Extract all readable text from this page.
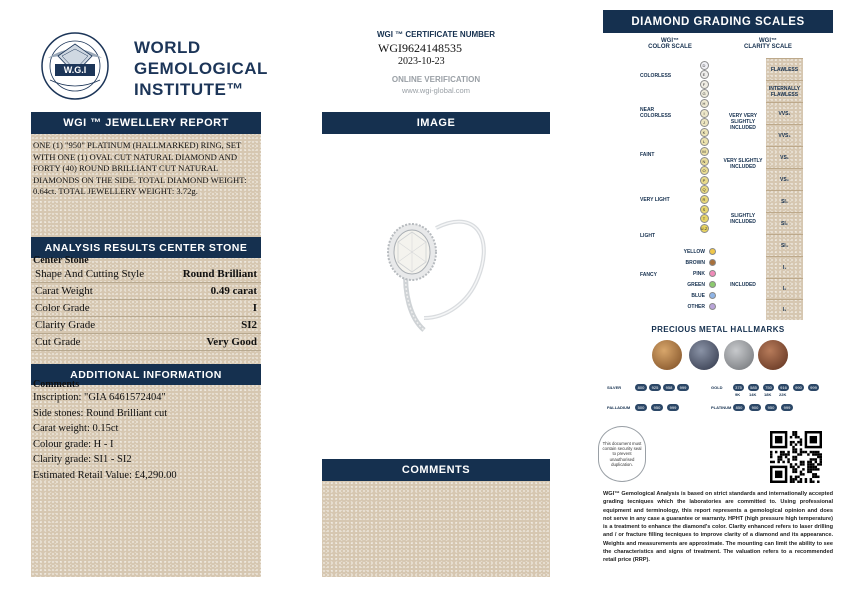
W.G.I
WORLD
GEMOLOGICAL
INSTITUTE™
WGI ™ JEWELLERY REPORT
ONE (1) "950" PLATINUM (HALLMARKED) RING, SET WITH ONE (1) OVAL CUT NATURAL DIAMOND AND FORTY (40) ROUND BRILLIANT CUT NATURAL DIAMONDS ON THE SIDE. TOTAL DIAMOND WEIGHT: 0.64ct. TOTAL JEWELLERY WEIGHT: 3.72g.
ANALYSIS RESULTS CENTER STONE
Center Stone
Shape And Cutting Style	Round Brilliant
Carat Weight	0.49 carat
Color Grade	I
Clarity Grade	SI2
Cut Grade	Very Good
ADDITIONAL INFORMATION
Comments
Inscription: "GIA 6461572404"
Side stones: Round Brilliant cut
Carat weight: 0.15ct
Colour grade: H - I
Clarity grade: SI1 - SI2
Estimated Retail Value: £4,290.00
WGI ™ CERTIFICATE NUMBER
WGI9624148535
2023-10-23
ONLINE VERIFICATION
www.wgi-global.com
IMAGE
COMMENTS
DIAMOND GRADING SCALES
WGI™
COLOR SCALE
WGI™
CLARITY SCALE
COLORLESS
NEAR COLORLESS
FAINT
VERY LIGHT
LIGHT
FANCY
D
E
F
G
H
I
J
K
L
M
N
O
P
Q
R
S
T
U-Z
YELLOW
BROWN
PINK
GREEN
BLUE
OTHER
FLAWLESS
INTERNALLY FLAWLESS
VVS₁
VVS₂
VS₁
VS₂
SI₁
SI₂
SI₃
I₁
I₂
I₃
VERY VERY SLIGHTLY INCLUDED
VERY SLIGHTLY INCLUDED
SLIGHTLY INCLUDED
INCLUDED
PRECIOUS METAL HALLMARKS
SILVER	800	925	958	999	GOLD	375	585	750	916	990	999
9K 14K 18K 22K
PALLADIUM	500	950	999	PLATINUM	850	900	950	999
This document must contain security seal to prevent unauthorised duplication.
WGI™ Gemological Analysis is based on strict standards and internationally accepted grading tecniques which the laboratories are committed to. Using professional equipment and terminology, this report represents a gemological opinion and does not serve in any case a guarantee or warranty. HPHT (high pressure high temperature) is a treatment to enhance the diamond's color. Clarity enhanced refers to laser drilling and / or fracture filling tecniques to improve clarity of a diamond and its appearance. Weights and measurements are approximate. The mounting can limit the ability to see the characteristics and signs of treatment. The valuation refers to a recommended retail price (RRP).
